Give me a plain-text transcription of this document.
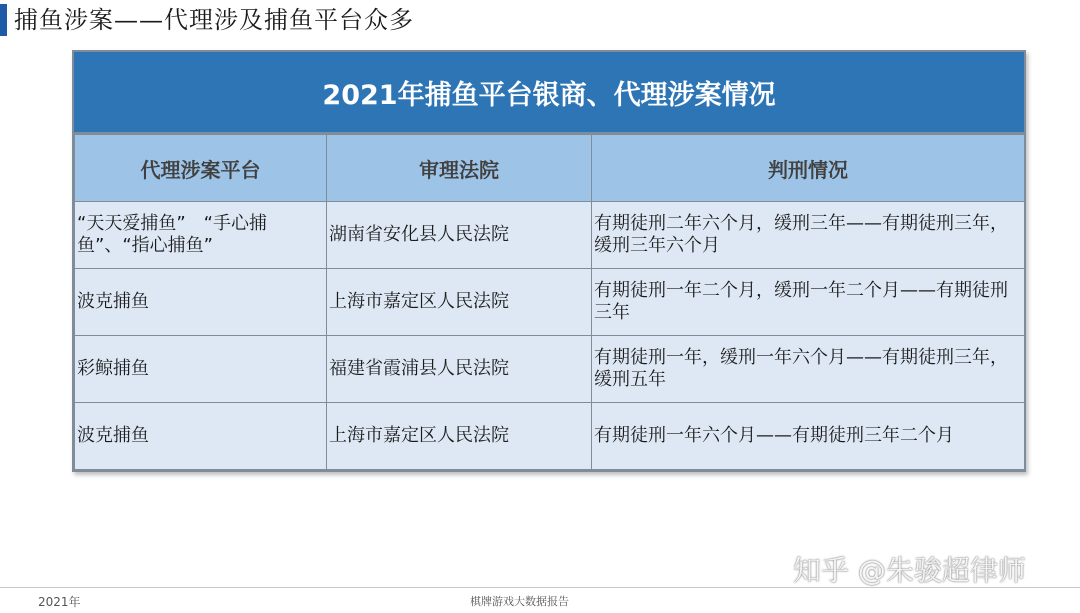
捕鱼涉案——代理涉及捕鱼平台众多
2021年捕鱼平台银商、代理涉案情况
代理涉案平台	审理法院	判刑情况
“天天爱捕鱼”　“手心捕鱼”、“指心捕鱼”	湖南省安化县人民法院	有期徒刑二年六个月，缓刑三年——有期徒刑三年，缓刑三年六个月
波克捕鱼	上海市嘉定区人民法院	有期徒刑一年二个月，缓刑一年二个月——有期徒刑三年
彩鲸捕鱼	福建省霞浦县人民法院	有期徒刑一年，缓刑一年六个月——有期徒刑三年，缓刑五年
波克捕鱼	上海市嘉定区人民法院	有期徒刑一年六个月——有期徒刑三年二个月
2021年	棋牌游戏大数据报告
知乎 @朱骏超律师
